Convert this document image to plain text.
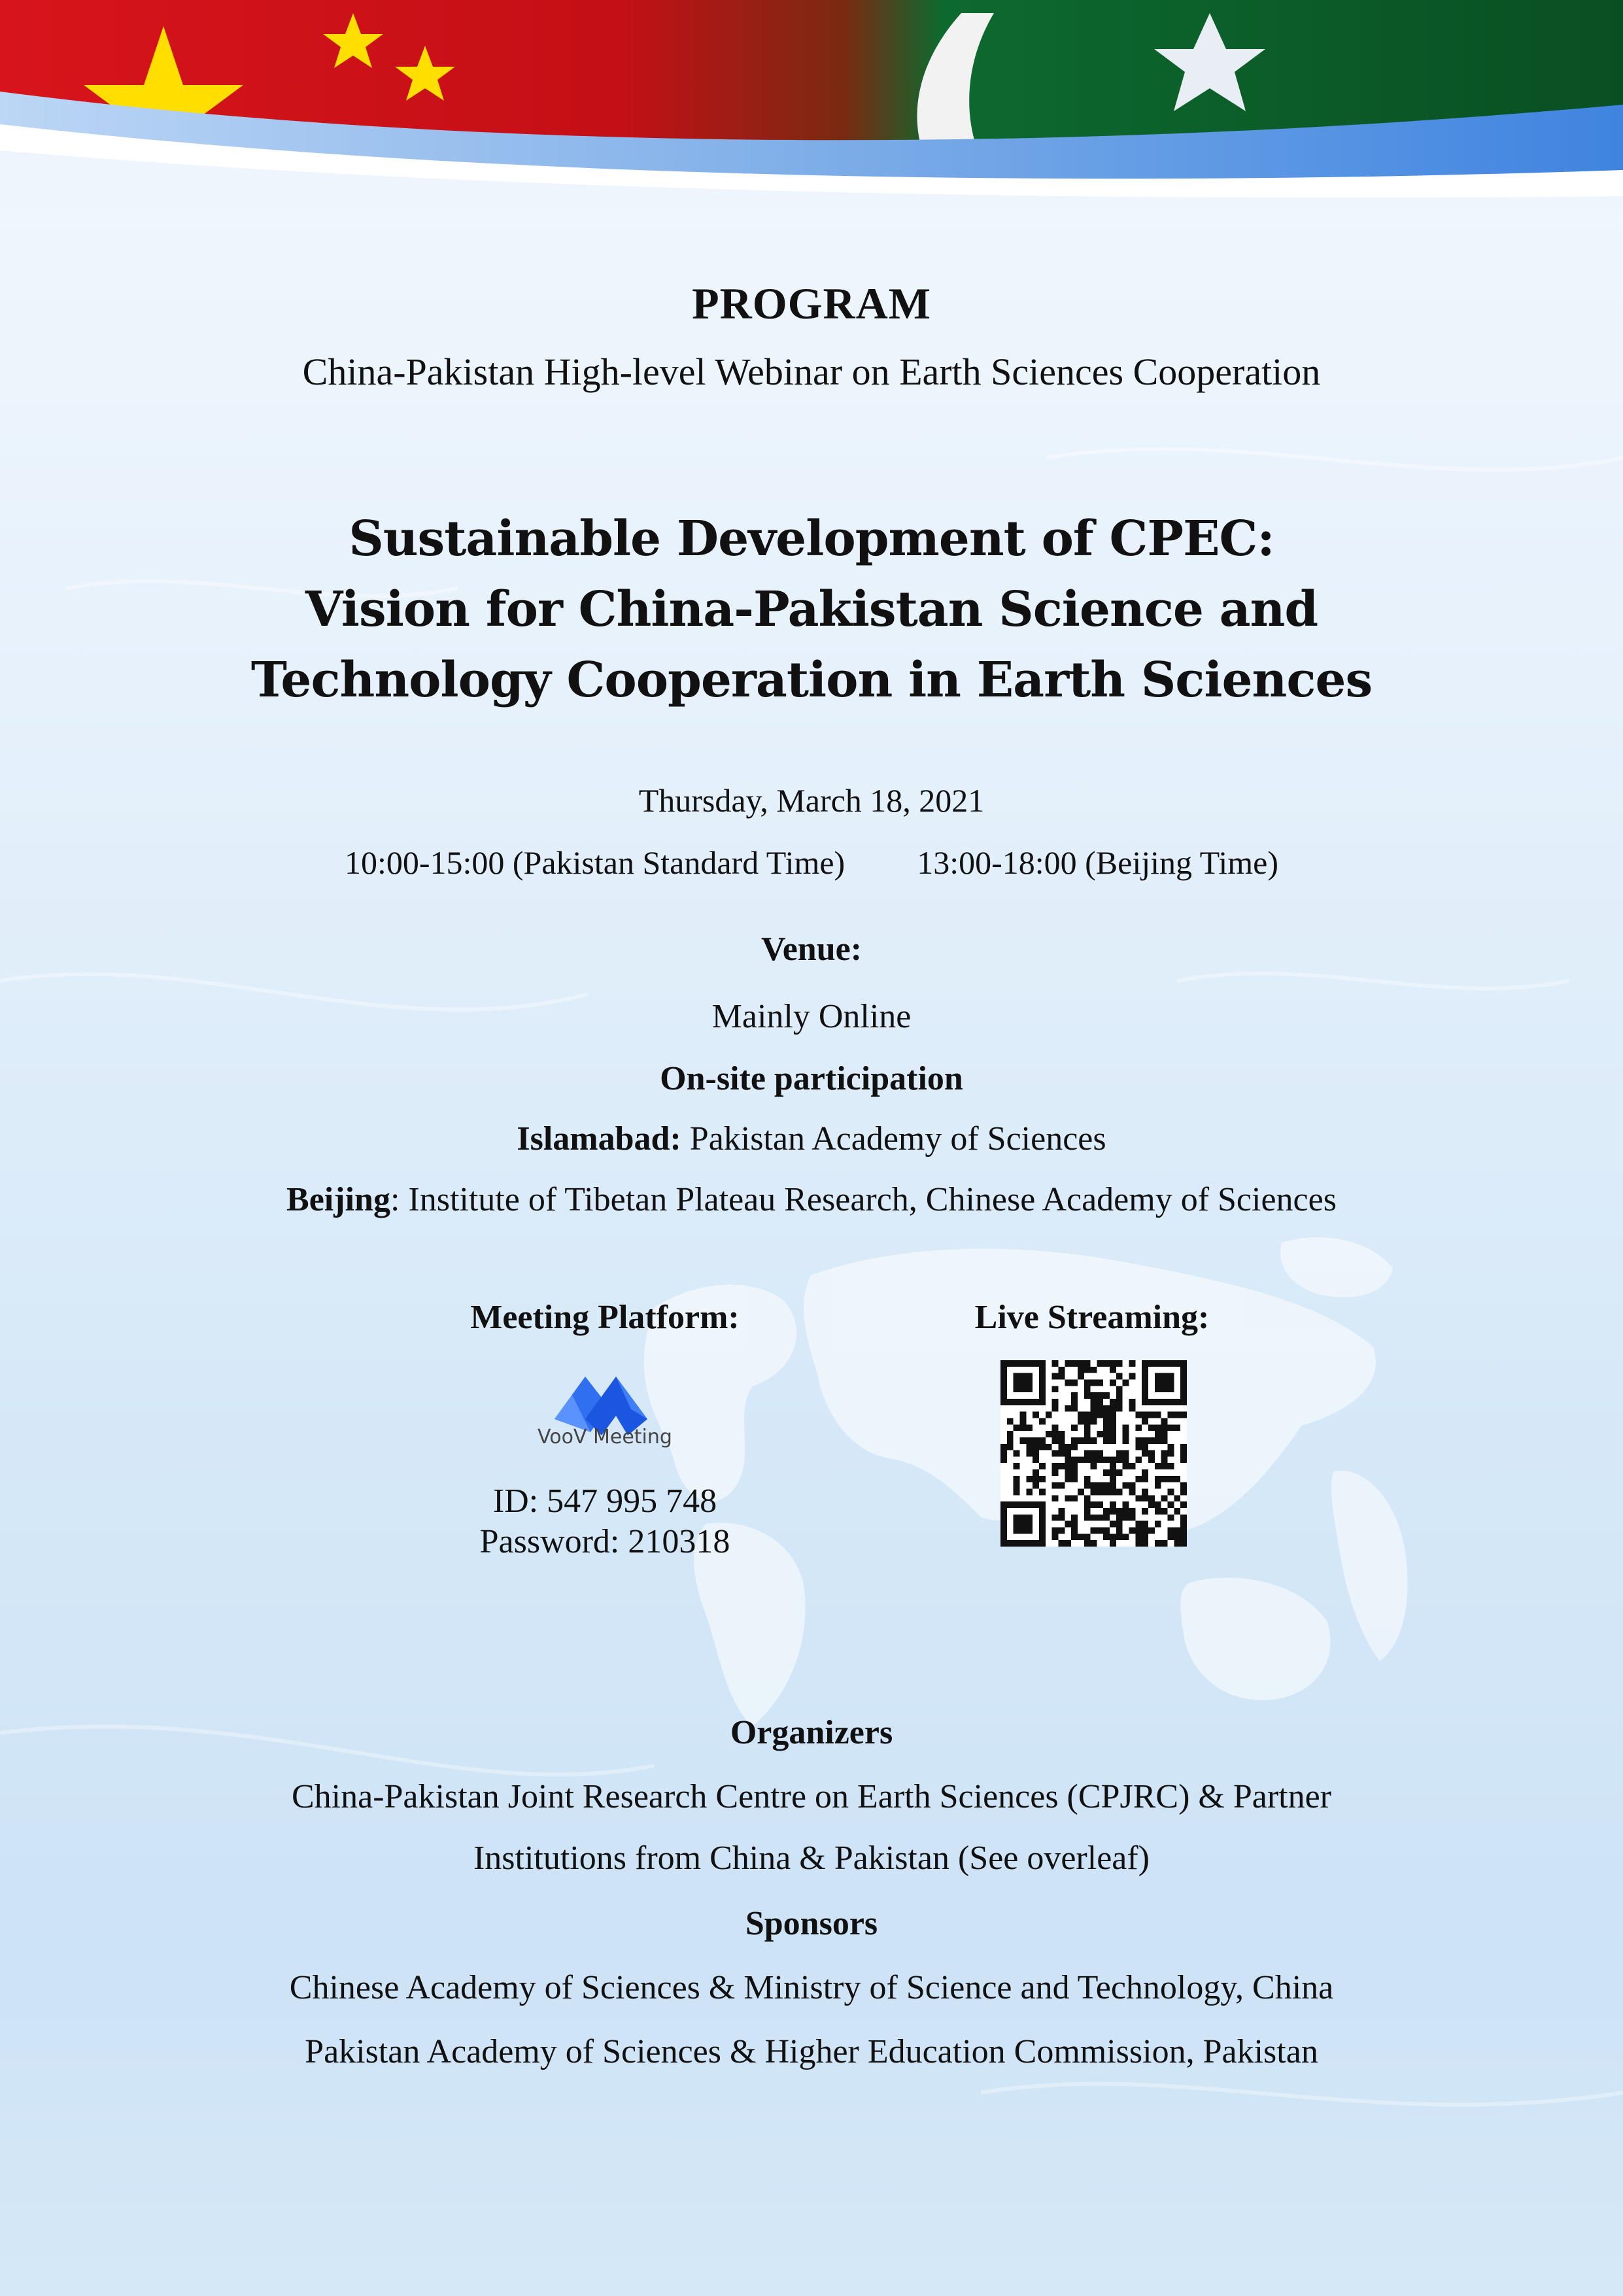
PROGRAM
China-Pakistan High-level Webinar on Earth Sciences Cooperation
Sustainable Development of CPEC:
Vision for China-Pakistan Science and
Technology Cooperation in Earth Sciences
Thursday, March 18, 2021
10:00-15:00 (Pakistan Standard Time) 13:00-18:00 (Beijing Time)
Venue:
Mainly Online
On-site participation
Islamabad: Pakistan Academy of Sciences
Beijing: Institute of Tibetan Plateau Research, Chinese Academy of Sciences
Meeting Platform:	Live Streaming:
VooV Meeting
ID: 547 995 748
Password: 210318
Organizers
China-Pakistan Joint Research Centre on Earth Sciences (CPJRC) & Partner
Institutions from China & Pakistan (See overleaf)
Sponsors
Chinese Academy of Sciences & Ministry of Science and Technology, China
Pakistan Academy of Sciences & Higher Education Commission, Pakistan
